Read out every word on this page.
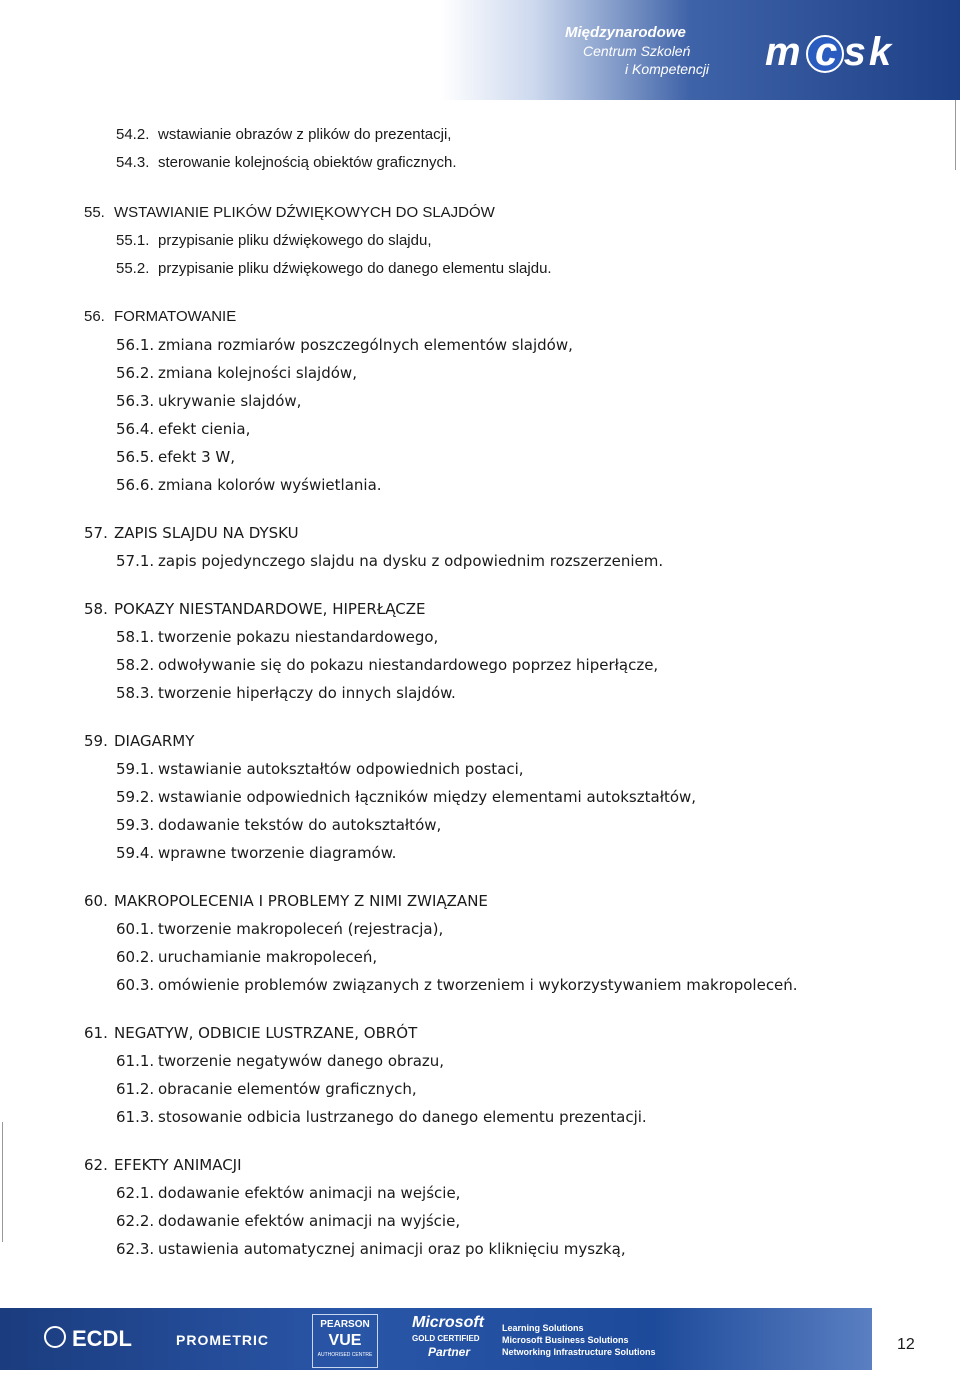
Międzynarodowe
Centrum Szkoleń
i Kompetencji m csk
54.2. wstawianie obrazów z plików do prezentacji,
54.3. sterowanie kolejnością obiektów graficznych.
55. WSTAWIANIE PLIKÓW DŹWIĘKOWYCH DO SLAJDÓW
55.1. przypisanie pliku dźwiękowego do slajdu,
55.2. przypisanie pliku dźwiękowego do danego elementu slajdu.
56. FORMATOWANIE
56.1. zmiana rozmiarów poszczególnych elementów slajdów,
56.2. zmiana kolejności slajdów,
56.3. ukrywanie slajdów,
56.4. efekt cienia,
56.5. efekt 3 W,
56.6. zmiana kolorów wyświetlania.
57. ZAPIS SLAJDU NA DYSKU
57.1. zapis pojedynczego slajdu na dysku z odpowiednim rozszerzeniem.
58. POKAZY NIESTANDARDOWE, HIPERŁĄCZE
58.1. tworzenie pokazu niestandardowego,
58.2. odwoływanie się do pokazu niestandardowego poprzez hiperłącze,
58.3. tworzenie hiperłączy do innych slajdów.
59. DIAGARMY
59.1. wstawianie autokształtów odpowiednich postaci,
59.2. wstawianie odpowiednich łączników między elementami autokształtów,
59.3. dodawanie tekstów do autokształtów,
59.4. wprawne tworzenie diagramów.
60. MAKROPOLECENIA I PROBLEMY Z NIMI ZWIĄZANE
60.1. tworzenie makropoleceń (rejestracja),
60.2. uruchamianie makropoleceń,
60.3. omówienie problemów związanych z tworzeniem i wykorzystywaniem makropoleceń.
61. NEGATYW, ODBICIE LUSTRZANE, OBRÓT
61.1. tworzenie negatywów danego obrazu,
61.2. obracanie elementów graficznych,
61.3. stosowanie odbicia lustrzanego do danego elementu prezentacji.
62. EFEKTY ANIMACJI
62.1. dodawanie efektów animacji na wejście,
62.2. dodawanie efektów animacji na wyjście,
62.3. ustawienia automatycznej animacji oraz po kliknięciu myszką,
ECDL	PROMETRIC
PEARSON
VUE
AUTHORISED CENTRE
Microsoft
GOLD CERTIFIED
Partner
Learning Solutions
Microsoft Business Solutions
Networking Infrastructure Solutions	12
